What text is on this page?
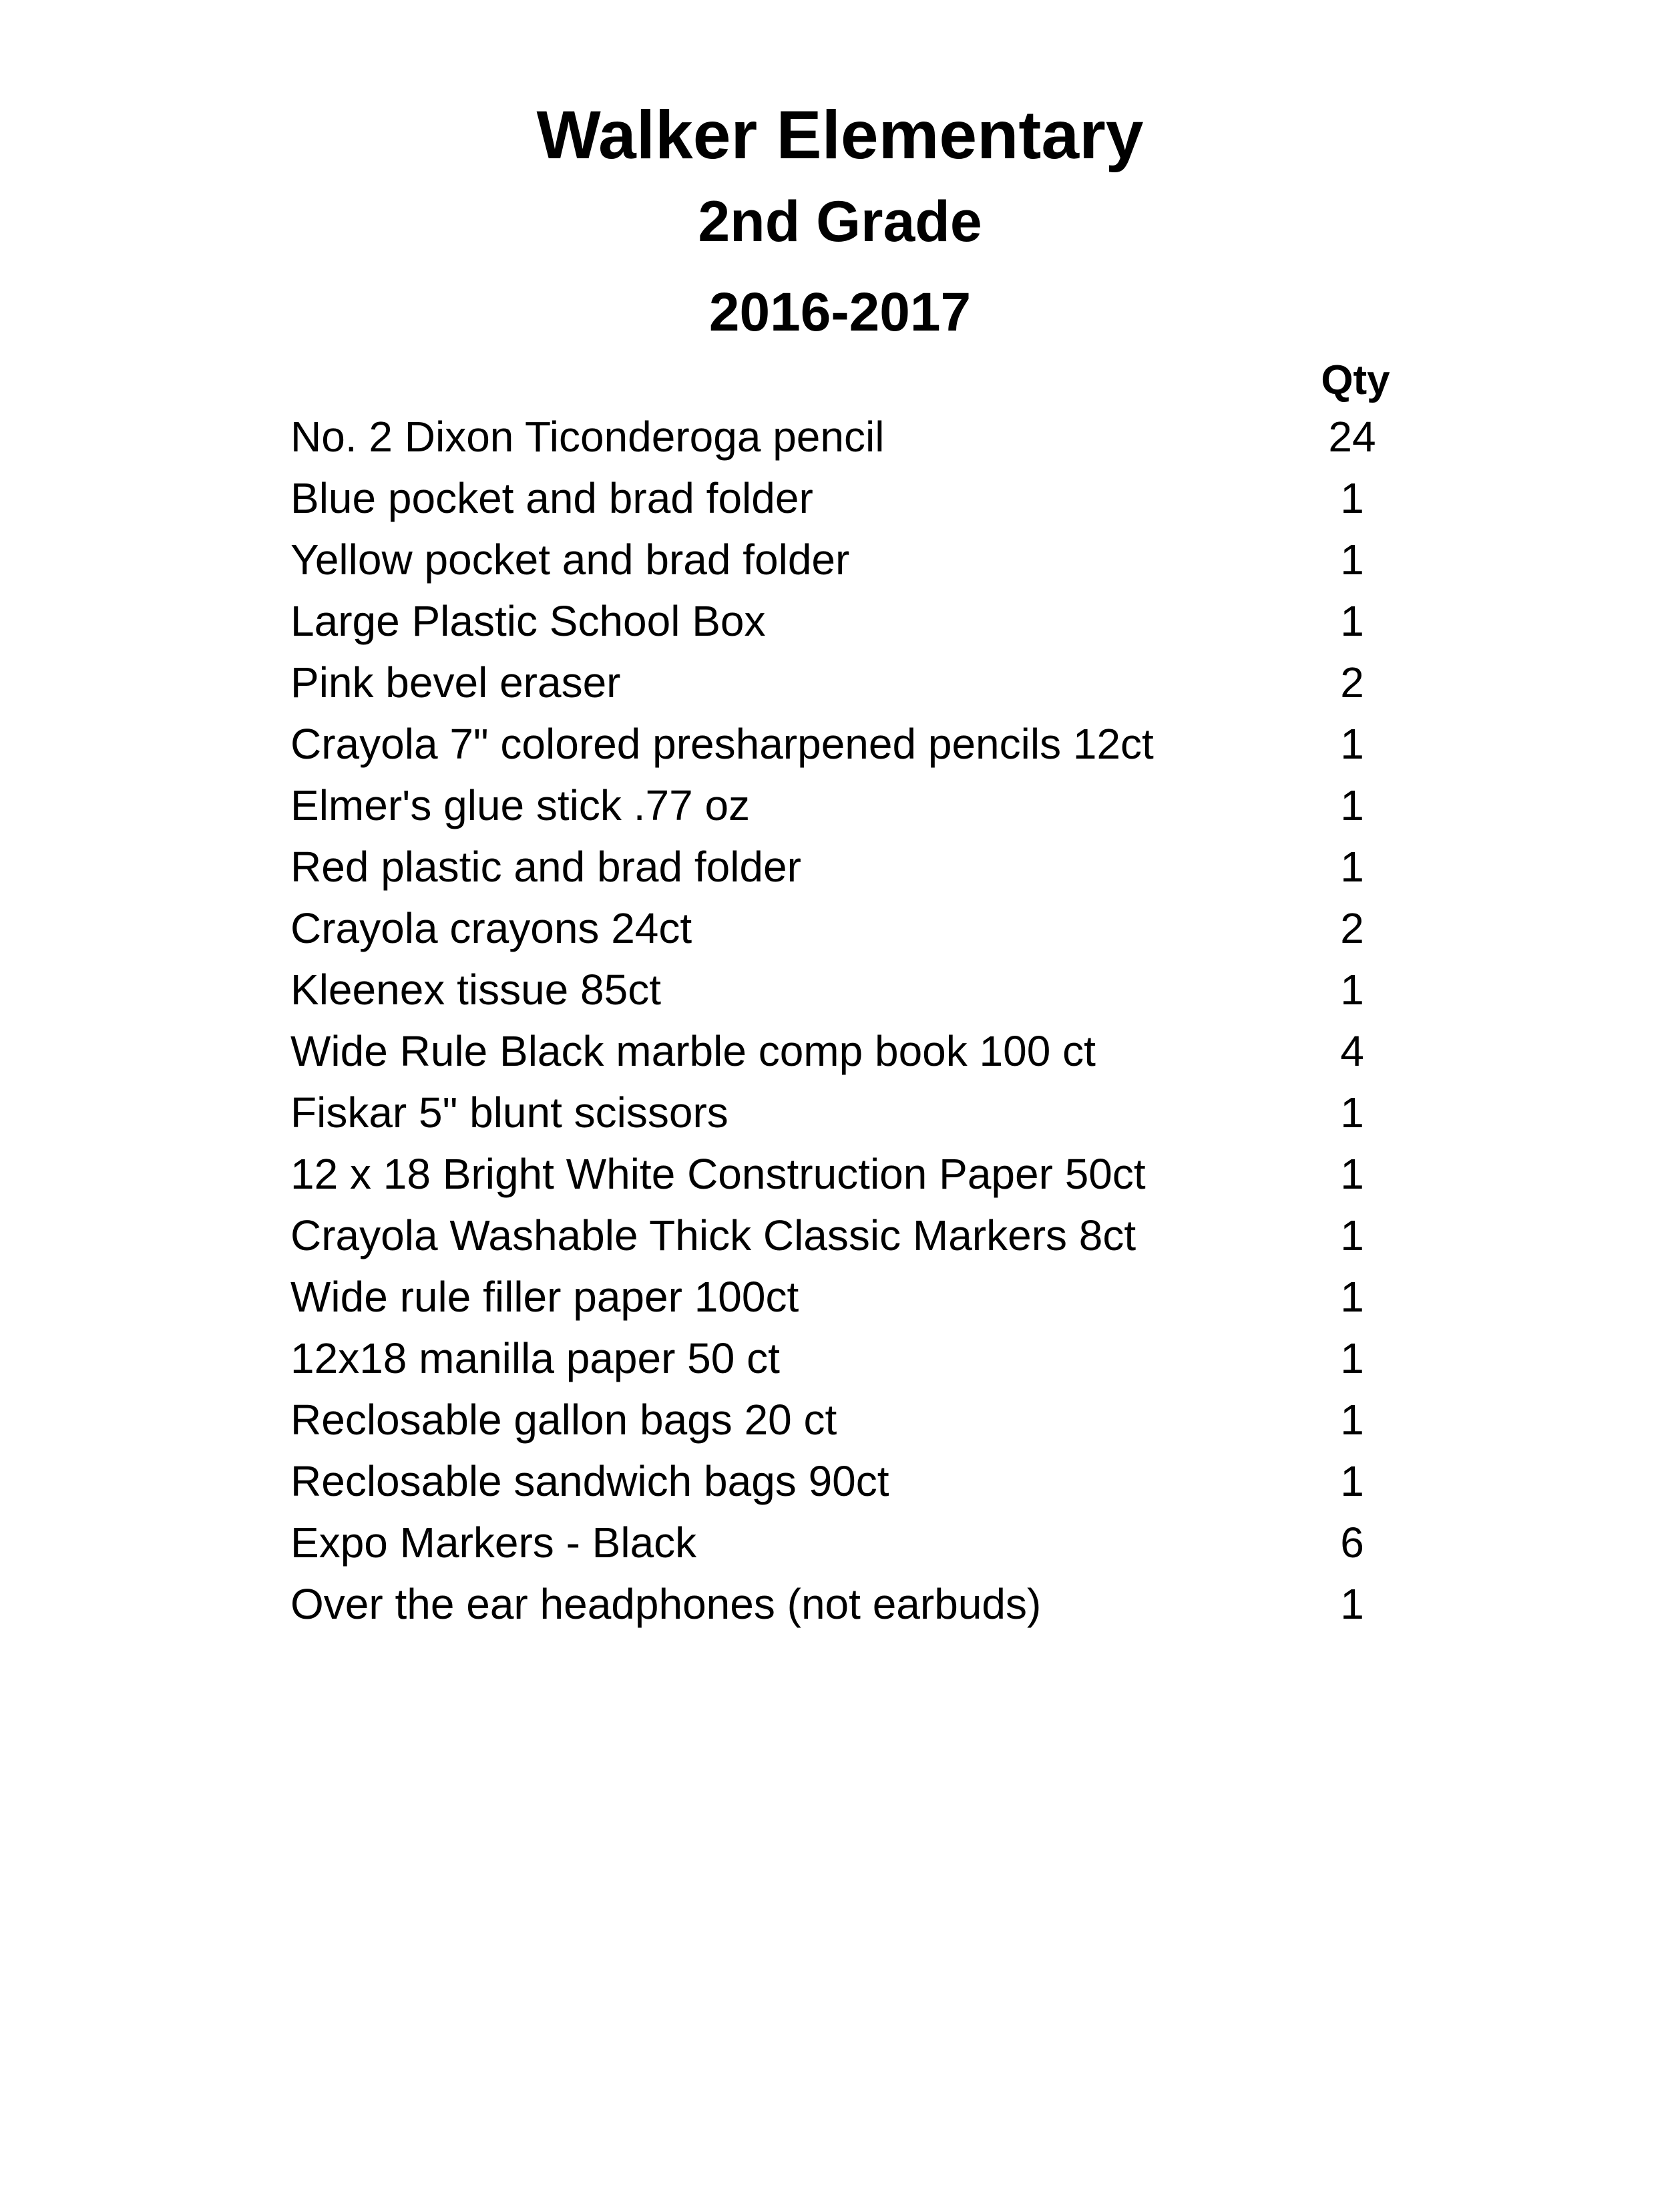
Walker Elementary
2nd Grade
2016-2017
Qty
No. 2 Dixon Ticonderoga pencil	24
Blue pocket and brad folder	1
Yellow pocket and brad folder	1
Large Plastic School Box	1
Pink bevel eraser	2
Crayola 7" colored presharpened pencils 12ct	1
Elmer's glue stick .77 oz	1
Red plastic and brad folder	1
Crayola crayons 24ct	2
Kleenex tissue 85ct	1
Wide Rule Black marble comp book 100 ct	4
Fiskar 5" blunt scissors	1
12 x 18 Bright White Construction Paper 50ct	1
Crayola Washable Thick Classic Markers 8ct	1
Wide rule filler paper 100ct	1
12x18 manilla paper 50 ct	1
Reclosable gallon bags 20 ct	1
Reclosable sandwich bags 90ct	1
Expo Markers - Black	6
Over the ear headphones (not earbuds)	1
